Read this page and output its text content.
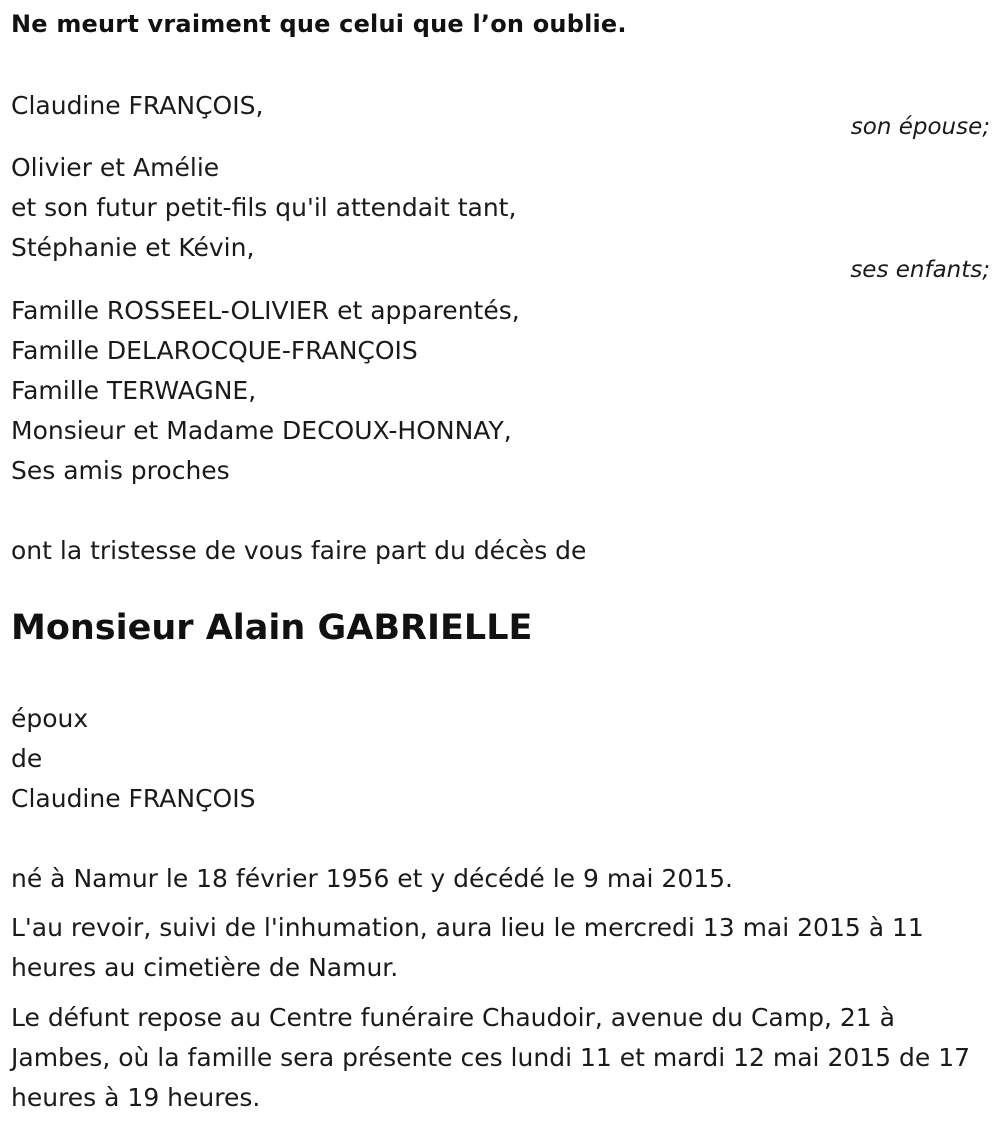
Ne meurt vraiment que celui que l’on oublie.
Claudine FRANÇOIS,
son épouse;
Olivier et Amélie
et son futur petit-fils qu'il attendait tant,
Stéphanie et Kévin,
ses enfants;
Famille ROSSEEL-OLIVIER et apparentés,
Famille DELAROCQUE-FRANÇOIS
Famille TERWAGNE,
Monsieur et Madame DECOUX-HONNAY,
Ses amis proches
ont la tristesse de vous faire part du décès de
Monsieur Alain GABRIELLE
époux
de
Claudine FRANÇOIS
né à Namur le 18 février 1956 et y décédé le 9 mai 2015.
L'au revoir, suivi de l'inhumation, aura lieu le mercredi 13 mai 2015 à 11 heures au cimetière de Namur.
Le défunt repose au Centre funéraire Chaudoir, avenue du Camp, 21 à Jambes, où la famille sera présente ces lundi 11 et mardi 12 mai 2015 de 17 heures à 19 heures.
